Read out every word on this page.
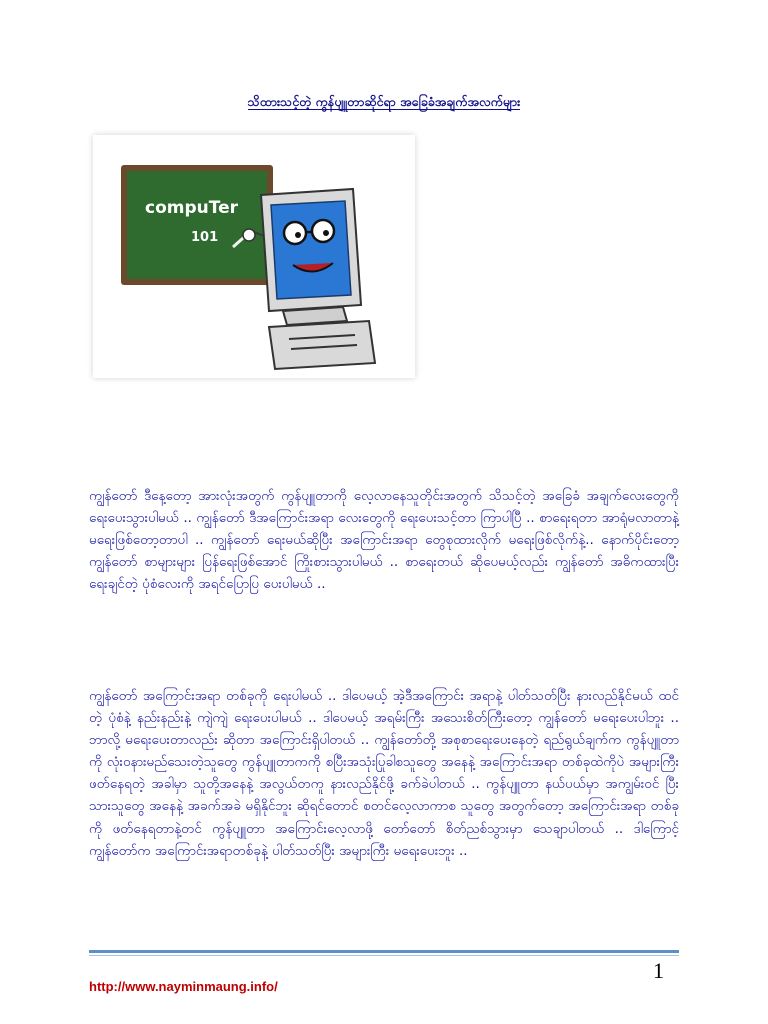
သိထားသင့်တဲ့ ကွန်ပျူတာဆိုင်ရာ အခြေခံအချက်အလက်များ
compuTer
101
ကျွန်တော် ဒီနေ့တော့ အားလုံးအတွက် ကွန်ပျူတာကို လေ့လာနေသူတိုင်းအတွက် သိသင့်တဲ့ အခြေခံ အချက်လေးတွေကို ရေးပေးသွားပါမယ် .. ကျွန်တော် ဒီအကြောင်းအရာ လေးတွေကို ရေးပေးသင့်တာ ကြာပါပြီ .. စာရေးရတာ အာရုံမလာတာနဲ့ မရေးဖြစ်တော့တာပါ .. ကျွန်တော် ရေးမယ်ဆိုပြီး အကြောင်းအရာ တွေစုထားလိုက် မရေးဖြစ်လိုက်နဲ့.. နောက်ပိုင်းတော့ ကျွန်တော် စာများများ ပြန်ရေးဖြစ်အောင် ကြိုးစားသွားပါမယ် .. စာရေးတယ် ဆိုပေမယ့်လည်း ကျွန်တော် အဓိကထားပြီး ရေးချင်တဲ့ ပုံစံလေးကို အရင်ပြောပြ ပေးပါမယ် ..
ကျွန်တော် အကြောင်းအရာ တစ်ခုကို ရေးပါမယ် .. ဒါပေမယ့် အဲ့ဒီအကြောင်း အရာနဲ့ ပါတ်သတ်ပြီး နားလည်နိုင်မယ် ထင်တဲ့ ပုံစံနဲ့ နည်းနည်းနဲ့ ကျဲကျဲ ရေးပေးပါမယ် .. ဒါပေမယ့် အရမ်းကြီး အသေးစိတ်ကြီးတော့ ကျွန်တော် မရေးပေးပါဘူး .. ဘာလို့ မရေးပေးတာလည်း ဆိုတာ အကြောင်းရှိပါတယ် .. ကျွန်တော်တို့ အစုစာရေးပေးနေတဲ့ ရည်ရွယ်ချက်က ကွန်ပျူတာကို လုံးဝနားမည်သေးတဲ့သူတွေ ကွန်ပျူတာကကို စပြီးအသုံးပြုခါစသူတွေ အနေနဲ့ အကြောင်းအရာ တစ်ခုထဲကိုပဲ အများကြီး ဖတ်နေရတဲ့ အခါမှာ သူတို့အနေနဲ့ အလွယ်တကူ နားလည်နိုင်ဖို့ ခက်ခဲပါတယ် .. ကွန်ပျူတာ နယ်ပယ်မှာ အကျွမ်းဝင် ပြီးသားသူတွေ အနေနဲ့ အခက်အခဲ မရှိနိုင်ဘူး ဆိုရင်တောင် စတင်လေ့လာကာစ သူတွေ အတွက်တော့ အကြောင်းအရာ တစ်ခုကို ဖတ်နေရတာနဲ့တင် ကွန်ပျူတာ အကြောင်းလေ့လာဖို့ တော်တော် စိတ်ညစ်သွားမှာ သေချာပါတယ် .. ဒါကြောင့် ကျွန်တော်က အကြောင်းအရာတစ်ခုနဲ့ ပါတ်သတ်ပြီး အများကြီး မရေးပေးဘူး ..
1
http://www.nayminmaung.info/
